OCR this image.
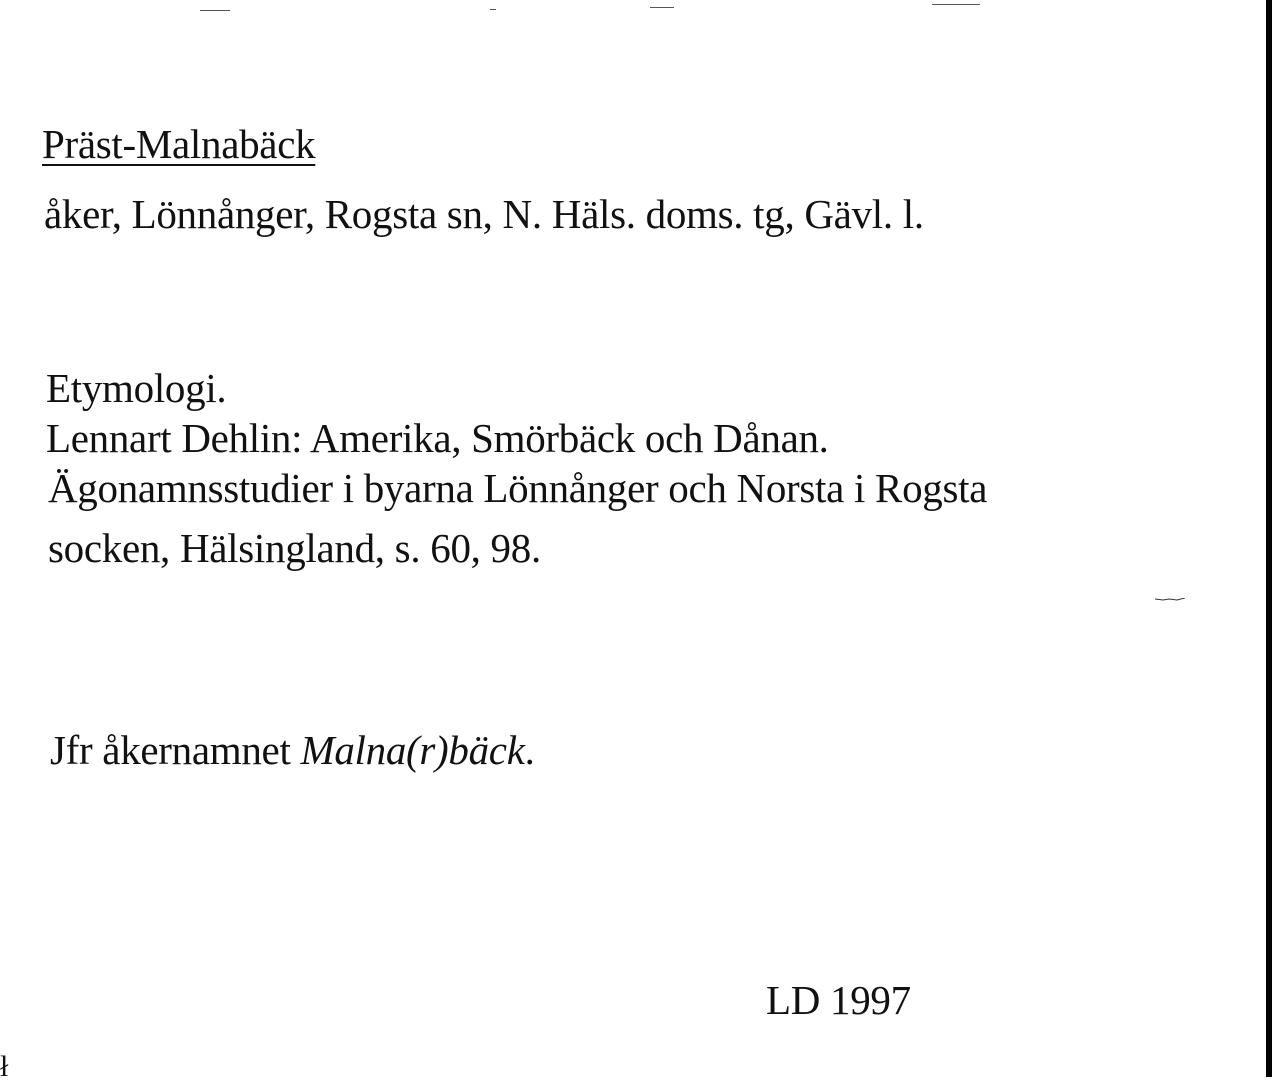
Präst-Malnabäck
åker, Lönnånger, Rogsta sn, N. Häls. doms. tg, Gävl. l.
Etymologi.
Lennart Dehlin: Amerika, Smörbäck och Dånan.
Ägonamnsstudier i byarna Lönnånger och Norsta i Rogsta
socken, Hälsingland, s. 60, 98.
Jfr åkernamnet Malna(r)bäck.
LD 1997
ł
